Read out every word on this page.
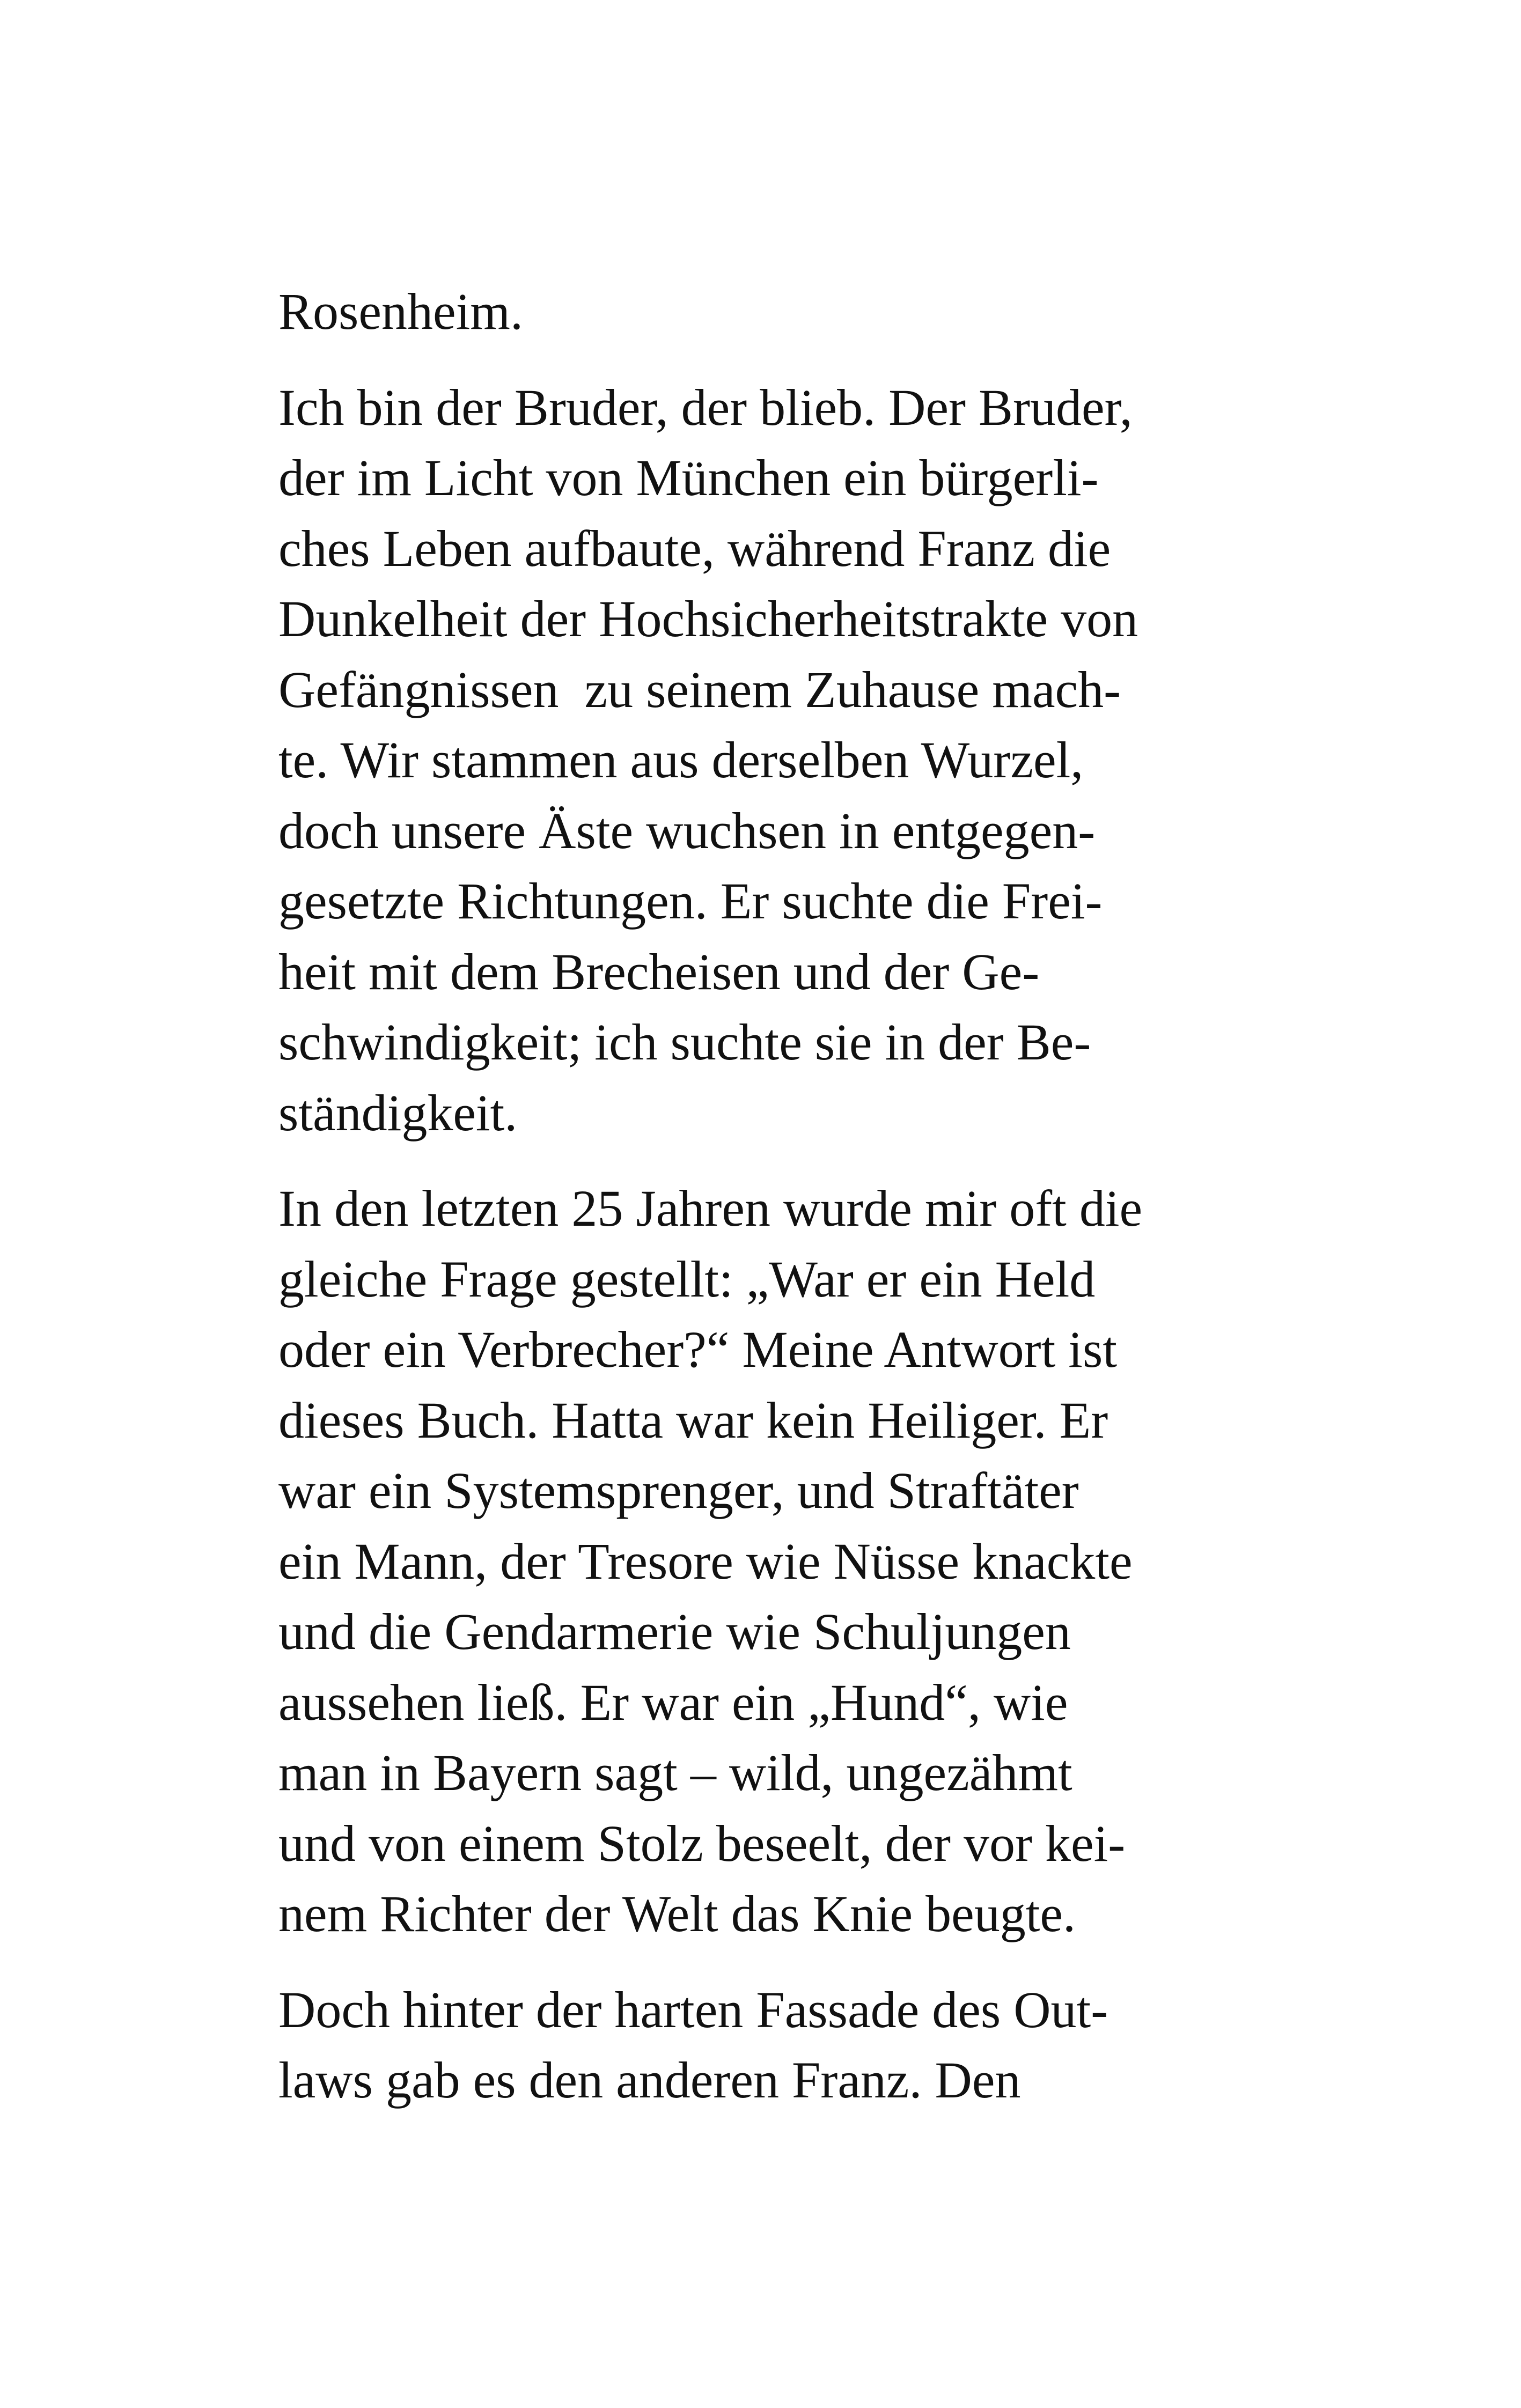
Rosenheim.

Ich bin der Bruder, der blieb. Der Bruder,
der im Licht von München ein bürgerli-
ches Leben aufbaute, während Franz die
Dunkelheit der Hochsicherheitstrakte von
Gefängnissen  zu seinem Zuhause mach-
te. Wir stammen aus derselben Wurzel,
doch unsere Äste wuchsen in entgegen-
gesetzte Richtungen. Er suchte die Frei-
heit mit dem Brecheisen und der Ge-
schwindigkeit; ich suchte sie in der Be-
ständigkeit.

In den letzten 25 Jahren wurde mir oft die
gleiche Frage gestellt: „War er ein Held
oder ein Verbrecher?“ Meine Antwort ist
dieses Buch. Hatta war kein Heiliger. Er
war ein Systemsprenger, und Straftäter
ein Mann, der Tresore wie Nüsse knackte
und die Gendarmerie wie Schuljungen
aussehen ließ. Er war ein „Hund“, wie
man in Bayern sagt – wild, ungezähmt
und von einem Stolz beseelt, der vor kei-
nem Richter der Welt das Knie beugte.

Doch hinter der harten Fassade des Out-
laws gab es den anderen Franz. Den
